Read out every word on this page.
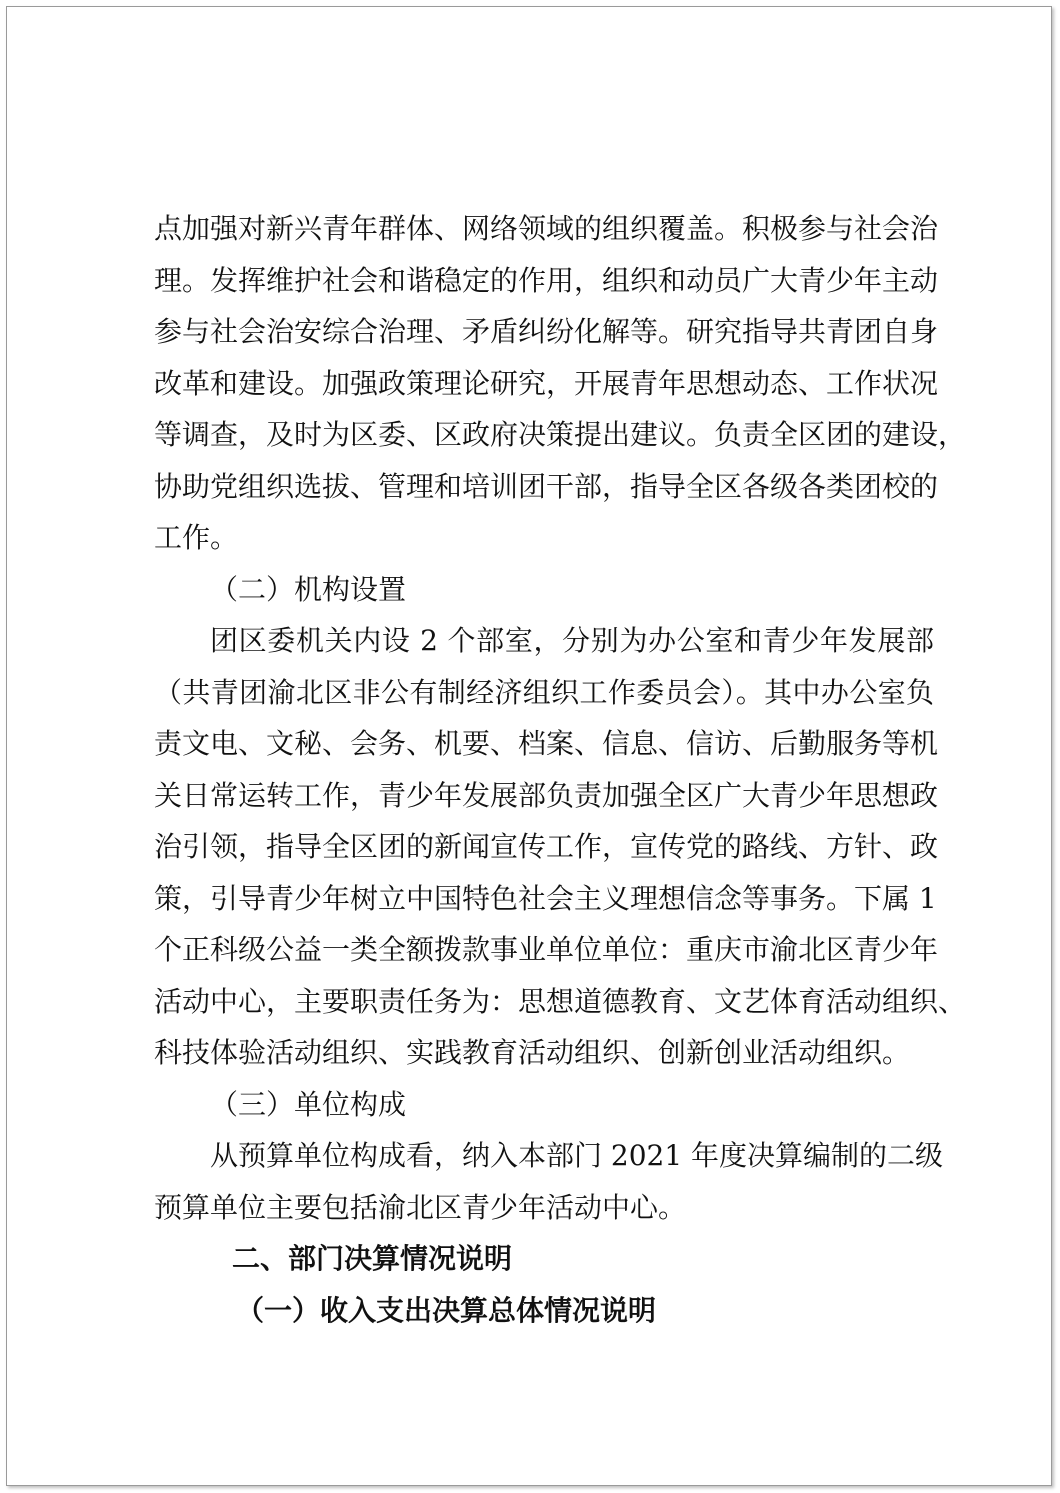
点加强对新兴青年群体、网络领域的组织覆盖。积极参与社会治
理。发挥维护社会和谐稳定的作用，组织和动员广大青少年主动
参与社会治安综合治理、矛盾纠纷化解等。研究指导共青团自身
改革和建设。加强政策理论研究，开展青年思想动态、工作状况
等调查，及时为区委、区政府决策提出建议。负责全区团的建设，
协助党组织选拔、管理和培训团干部，指导全区各级各类团校的
工作。
（二）机构设置
团区委机关内设 2 个部室，分别为办公室和青少年发展部
（共青团渝北区非公有制经济组织工作委员会）。其中办公室负
责文电、文秘、会务、机要、档案、信息、信访、后勤服务等机
关日常运转工作，青少年发展部负责加强全区广大青少年思想政
治引领，指导全区团的新闻宣传工作，宣传党的路线、方针、政
策，引导青少年树立中国特色社会主义理想信念等事务。下属 1
个正科级公益一类全额拨款事业单位单位：重庆市渝北区青少年
活动中心，主要职责任务为：思想道德教育、文艺体育活动组织、
科技体验活动组织、实践教育活动组织、创新创业活动组织。
（三）单位构成
从预算单位构成看，纳入本部门 2021 年度决算编制的二级
预算单位主要包括渝北区青少年活动中心。
二、部门决算情况说明
（一）收入支出决算总体情况说明
